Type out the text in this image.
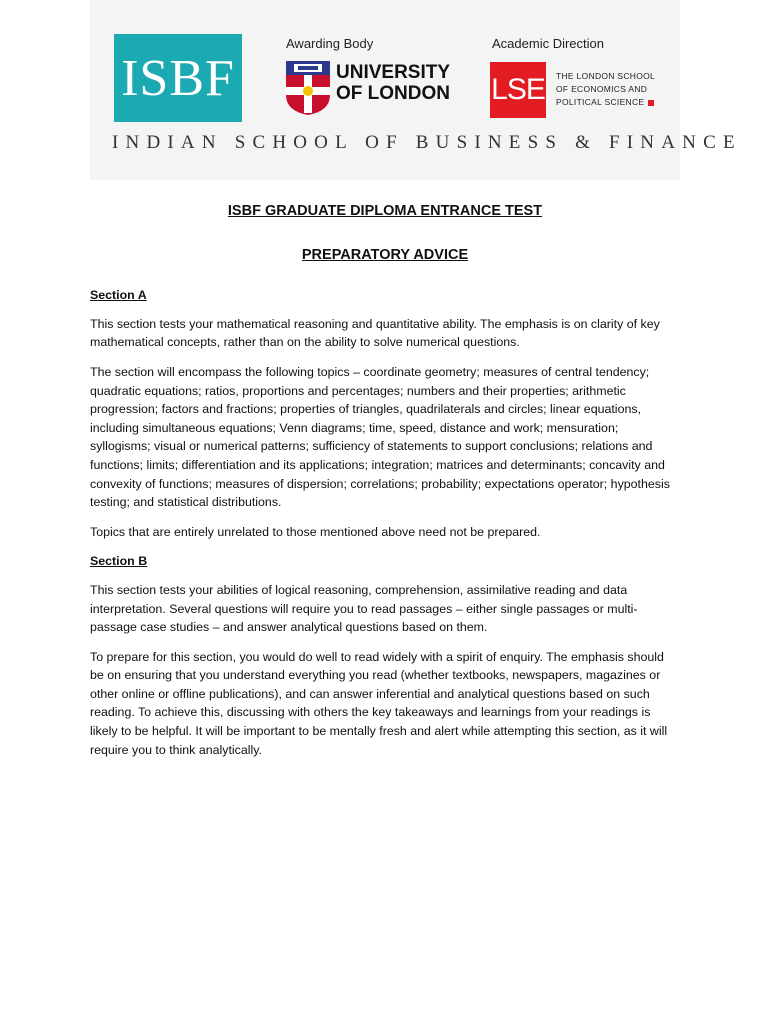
ISBF
Awarding Body
UNIVERSITY
OF LONDON
Academic Direction
LSE THE LONDON SCHOOL
OF ECONOMICS AND
POLITICAL SCIENCE
INDIAN SCHOOL OF BUSINESS & FINANCE
ISBF GRADUATE DIPLOMA ENTRANCE TEST
PREPARATORY ADVICE
Section A

This section tests your mathematical reasoning and quantitative ability. The emphasis is on clarity of key mathematical concepts, rather than on the ability to solve numerical questions.

The section will encompass the following topics – coordinate geometry; measures of central tendency; quadratic equations; ratios, proportions and percentages; numbers and their properties; arithmetic progression; factors and fractions; properties of triangles, quadrilaterals and circles; linear equations, including simultaneous equations; Venn diagrams; time, speed, distance and work; mensuration; syllogisms; visual or numerical patterns; sufficiency of statements to support conclusions; relations and functions; limits; differentiation and its applications; integration; matrices and determinants; concavity and convexity of functions; measures of dispersion; correlations; probability; expectations operator; hypothesis testing; and statistical distributions.

Topics that are entirely unrelated to those mentioned above need not be prepared.

Section B

This section tests your abilities of logical reasoning, comprehension, assimilative reading and data interpretation. Several questions will require you to read passages – either single passages or multi-passage case studies – and answer analytical questions based on them.

To prepare for this section, you would do well to read widely with a spirit of enquiry. The emphasis should be on ensuring that you understand everything you read (whether textbooks, newspapers, magazines or other online or offline publications), and can answer inferential and analytical questions based on such reading. To achieve this, discussing with others the key takeaways and learnings from your readings is likely to be helpful. It will be important to be mentally fresh and alert while attempting this section, as it will require you to think analytically.
